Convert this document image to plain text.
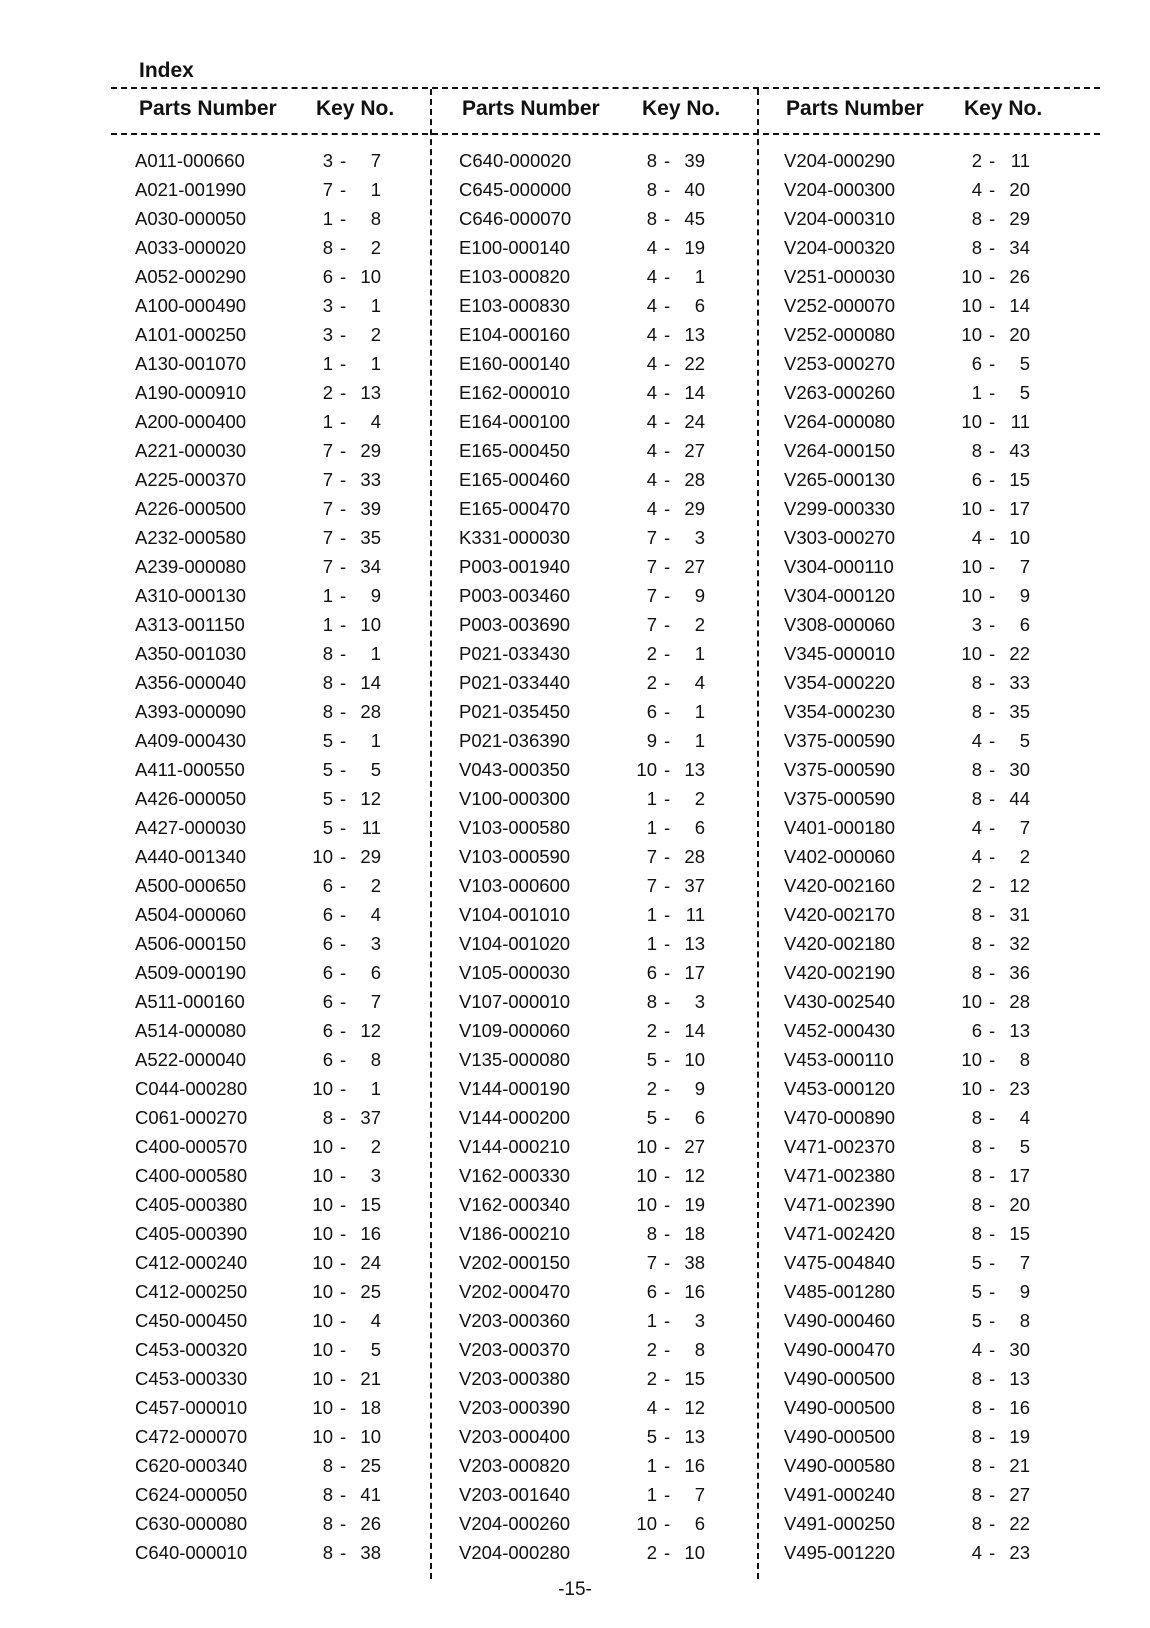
Index
Parts Number Key No.	Parts Number Key No.	Parts Number Key No.
A011-000660	3 -	7
A021-001990	7 -	1
A030-000050	1 -	8
A033-000020	8 -	2
A052-000290	6 - 10
A100-000490	3 -	1
A101-000250	3 -	2
A130-001070	1 -	1
A190-000910	2 - 13
A200-000400	1 -	4
A221-000030	7 - 29
A225-000370	7 - 33
A226-000500	7 - 39
A232-000580	7 - 35
A239-000080	7 - 34
A310-000130	1 -	9
A313-001150	1 - 10
A350-001030	8 -	1
A356-000040	8 - 14
A393-000090	8 - 28
A409-000430	5 -	1
A411-000550	5 -	5
A426-000050	5 - 12
A427-000030	5 - 11
A440-001340	10 - 29
A500-000650	6 -	2
A504-000060	6 -	4
A506-000150	6 -	3
A509-000190	6 -	6
A511-000160	6 -	7
A514-000080	6 - 12
A522-000040	6 -	8
C044-000280	10 -	1
C061-000270	8 - 37
C400-000570	10 -	2
C400-000580	10 -	3
C405-000380	10 - 15
C405-000390	10 - 16
C412-000240	10 - 24
C412-000250	10 - 25
C450-000450	10 -	4
C453-000320	10 -	5
C453-000330	10 - 21
C457-000010	10 - 18
C472-000070	10 - 10
C620-000340	8 - 25
C624-000050	8 - 41
C630-000080	8 - 26
C640-000010	8 - 38
C640-000020	8 - 39
C645-000000	8 - 40
C646-000070	8 - 45
E100-000140	4 - 19
E103-000820	4 -	1
E103-000830	4 -	6
E104-000160	4 - 13
E160-000140	4 - 22
E162-000010	4 - 14
E164-000100	4 - 24
E165-000450	4 - 27
E165-000460	4 - 28
E165-000470	4 - 29
K331-000030	7 -	3
P003-001940	7 - 27
P003-003460	7 -	9
P003-003690	7 -	2
P021-033430	2 -	1
P021-033440	2 -	4
P021-035450	6 -	1
P021-036390	9 -	1
V043-000350	10 - 13
V100-000300	1 -	2
V103-000580	1 -	6
V103-000590	7 - 28
V103-000600	7 - 37
V104-001010	1 - 11
V104-001020	1 - 13
V105-000030	6 - 17
V107-000010	8 -	3
V109-000060	2 - 14
V135-000080	5 - 10
V144-000190	2 -	9
V144-000200	5 -	6
V144-000210	10 - 27
V162-000330	10 - 12
V162-000340	10 - 19
V186-000210	8 - 18
V202-000150	7 - 38
V202-000470	6 - 16
V203-000360	1 -	3
V203-000370	2 -	8
V203-000380	2 - 15
V203-000390	4 - 12
V203-000400	5 - 13
V203-000820	1 - 16
V203-001640	1 -	7
V204-000260	10 -	6
V204-000280	2 - 10
V204-000290	2 - 11
V204-000300	4 - 20
V204-000310	8 - 29
V204-000320	8 - 34
V251-000030	10 - 26
V252-000070	10 - 14
V252-000080	10 - 20
V253-000270	6 -	5
V263-000260	1 -	5
V264-000080	10 - 11
V264-000150	8 - 43
V265-000130	6 - 15
V299-000330	10 - 17
V303-000270	4 - 10
V304-000110	10 -	7
V304-000120	10 -	9
V308-000060	3 -	6
V345-000010	10 - 22
V354-000220	8 - 33
V354-000230	8 - 35
V375-000590	4 -	5
V375-000590	8 - 30
V375-000590	8 - 44
V401-000180	4 -	7
V402-000060	4 -	2
V420-002160	2 - 12
V420-002170	8 - 31
V420-002180	8 - 32
V420-002190	8 - 36
V430-002540	10 - 28
V452-000430	6 - 13
V453-000110	10 -	8
V453-000120	10 - 23
V470-000890	8 -	4
V471-002370	8 -	5
V471-002380	8 - 17
V471-002390	8 - 20
V471-002420	8 - 15
V475-004840	5 -	7
V485-001280	5 -	9
V490-000460	5 -	8
V490-000470	4 - 30
V490-000500	8 - 13
V490-000500	8 - 16
V490-000500	8 - 19
V490-000580	8 - 21
V491-000240	8 - 27
V491-000250	8 - 22
V495-001220	4 - 23
-15-
